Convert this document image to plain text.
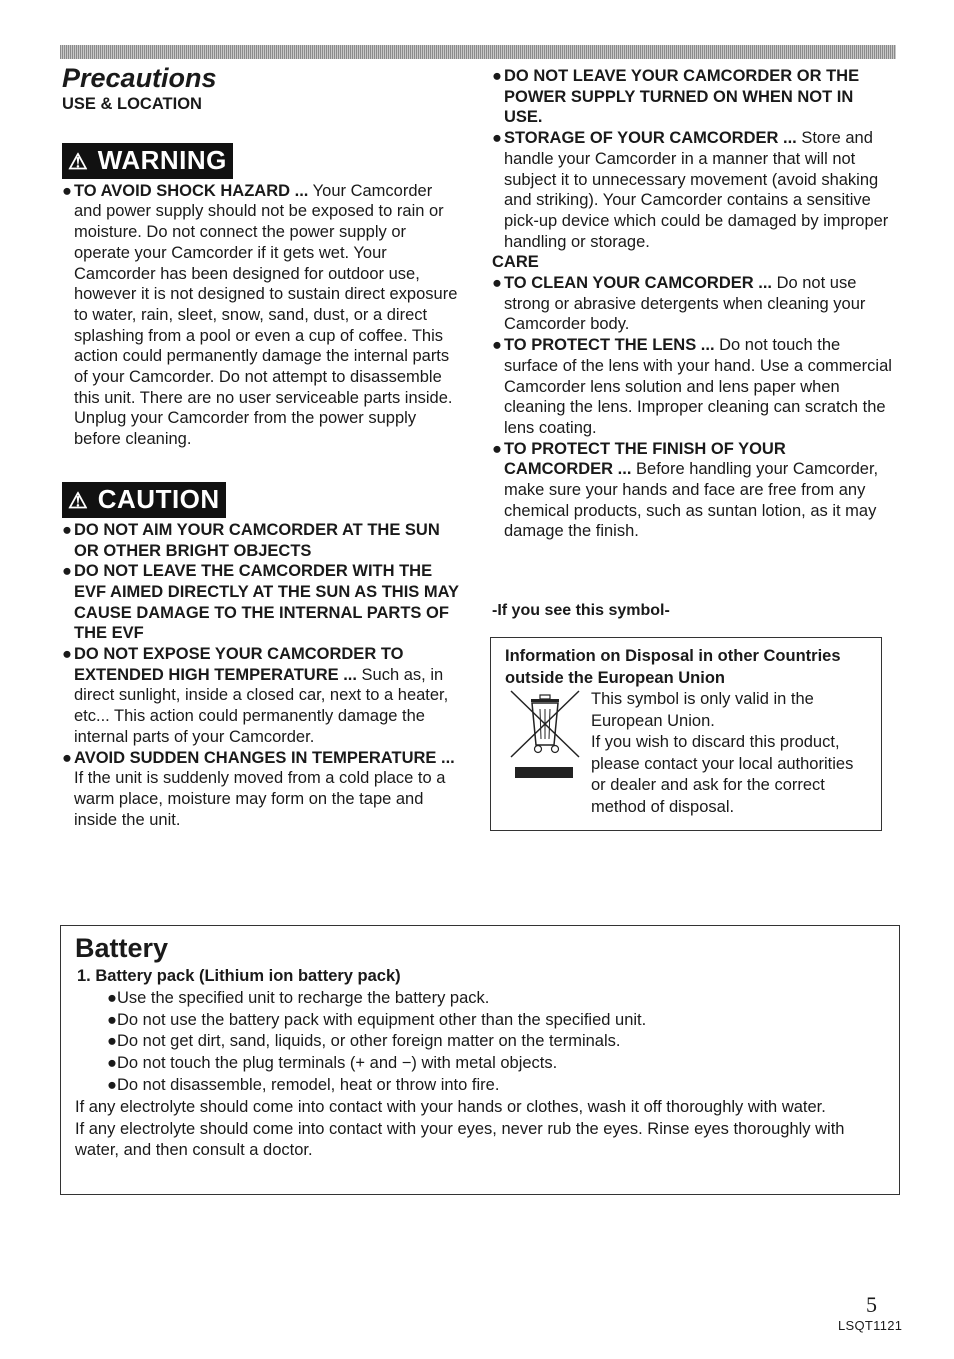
Precautions

USE & LOCATION

⚠ WARNING

● TO AVOID SHOCK HAZARD ... Your Camcorder and power supply should not be exposed to rain or moisture. Do not connect the power supply or operate your Camcorder if it gets wet. Your Camcorder has been designed for outdoor use, however it is not designed to sustain direct exposure to water, rain, sleet, snow, sand, dust, or a direct splashing from a pool or even a cup of coffee. This action could permanently damage the internal parts of your Camcorder. Do not attempt to disassemble this unit. There are no user serviceable parts inside. Unplug your Camcorder from the power supply before cleaning.

⚠ CAUTION

● DO NOT AIM YOUR CAMCORDER AT THE SUN OR OTHER BRIGHT OBJECTS

● DO NOT LEAVE THE CAMCORDER WITH THE EVF AIMED DIRECTLY AT THE SUN AS THIS MAY CAUSE DAMAGE TO THE INTERNAL PARTS OF THE EVF

● DO NOT EXPOSE YOUR CAMCORDER TO EXTENDED HIGH TEMPERATURE ... Such as, in direct sunlight, inside a closed car, next to a heater, etc... This action could permanently damage the internal parts of your Camcorder.

● AVOID SUDDEN CHANGES IN TEMPERATURE ... If the unit is suddenly moved from a cold place to a warm place, moisture may form on the tape and inside the unit.

● DO NOT LEAVE YOUR CAMCORDER OR THE POWER SUPPLY TURNED ON WHEN NOT IN USE.

● STORAGE OF YOUR CAMCORDER ... Store and handle your Camcorder in a manner that will not subject it to unnecessary movement (avoid shaking and striking). Your Camcorder contains a sensitive pick-up device which could be damaged by improper handling or storage.

CARE

● TO CLEAN YOUR CAMCORDER ... Do not use strong or abrasive detergents when cleaning your Camcorder body.

● TO PROTECT THE LENS ... Do not touch the surface of the lens with your hand. Use a commercial Camcorder lens solution and lens paper when cleaning the lens. Improper cleaning can scratch the lens coating.

● TO PROTECT THE FINISH OF YOUR CAMCORDER ... Before handling your Camcorder, make sure your hands and face are free from any chemical products, such as suntan lotion, as it may damage the finish.

-If you see this symbol-

Information on Disposal in other Countries outside the European Union

This symbol is only valid in the European Union.

If you wish to discard this product, please contact your local authorities or dealer and ask for the correct method of disposal.

Battery

1. Battery pack (Lithium ion battery pack)

●Use the specified unit to recharge the battery pack.

●Do not use the battery pack with equipment other than the specified unit.

●Do not get dirt, sand, liquids, or other foreign matter on the terminals.

●Do not touch the plug terminals (+ and −) with metal objects.

●Do not disassemble, remodel, heat or throw into fire.

If any electrolyte should come into contact with your hands or clothes, wash it off thoroughly with water.

If any electrolyte should come into contact with your eyes, never rub the eyes. Rinse eyes thoroughly with water, and then consult a doctor.

5
LSQT1121
